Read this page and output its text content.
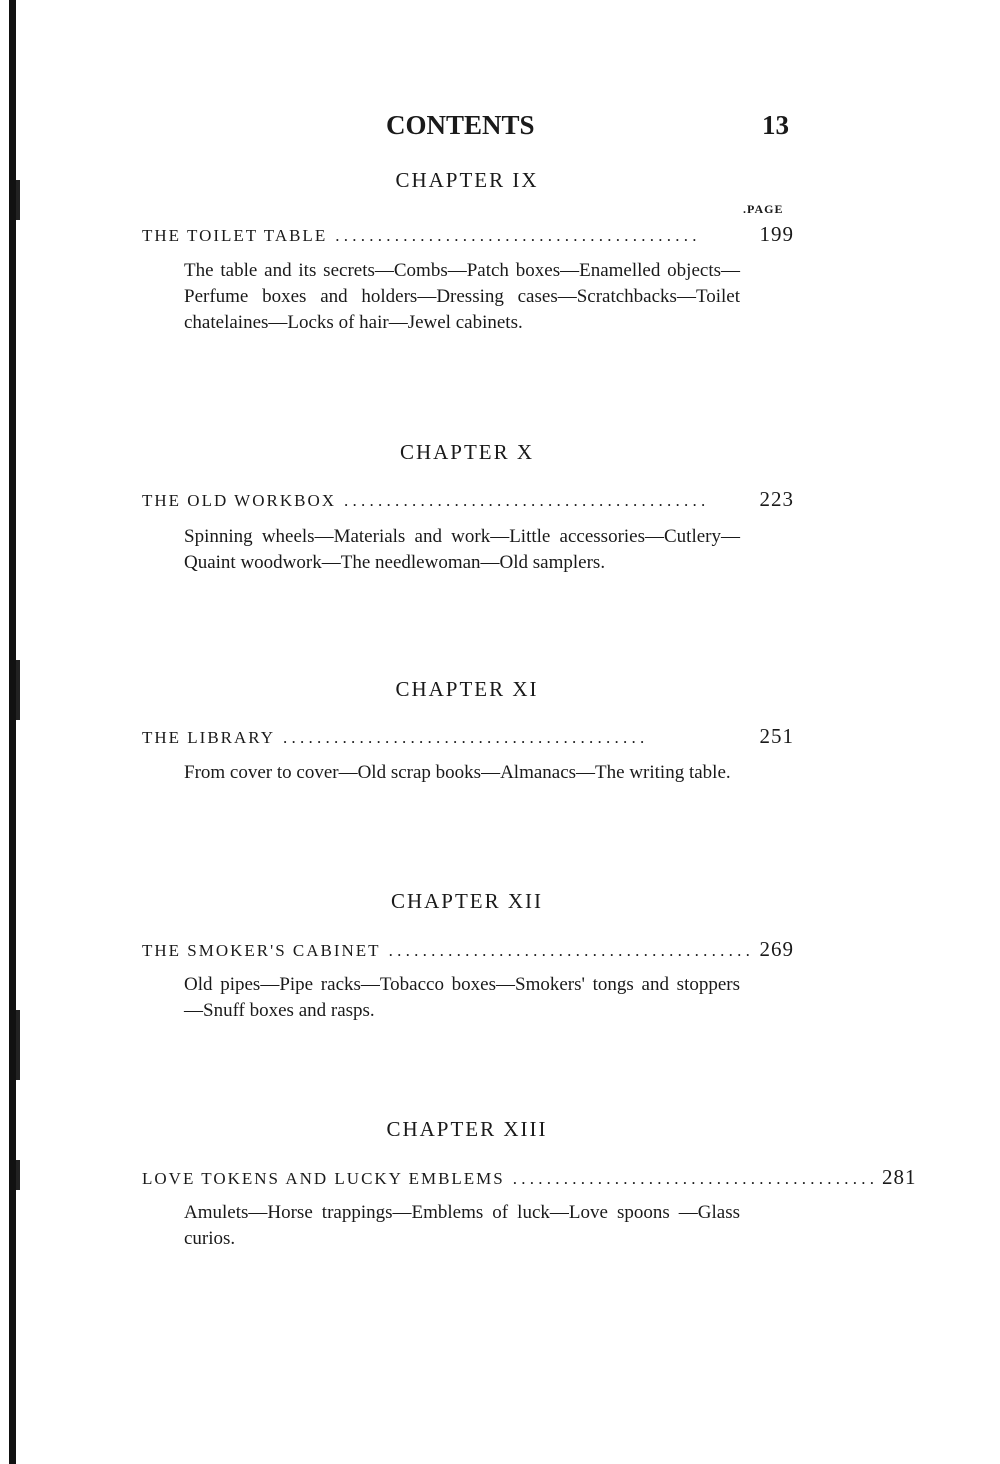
CONTENTS	13
.PAGE
CHAPTER IX
THE TOILET TABLE . . . . . . . . . . . . . . . . . . . . . . . . . . . . . . . . . . . . . . . . . . .	199
The table and its secrets—Combs—Patch boxes—Enamelled objects—Perfume boxes and holders—Dressing cases—Scratchbacks—Toilet chatelaines—Locks of hair—Jewel cabinets.
CHAPTER X
THE OLD WORKBOX . . . . . . . . . . . . . . . . . . . . . . . . . . . . . . . . . . . . . . . . . . .	223
Spinning wheels—Materials and work—Little accessories—Cutlery—Quaint woodwork—The needlewoman—Old samplers.
CHAPTER XI
THE LIBRARY . . . . . . . . . . . . . . . . . . . . . . . . . . . . . . . . . . . . . . . . . . .	251
From cover to cover—Old scrap books—Almanacs—The writing table.
CHAPTER XII
THE SMOKER'S CABINET . . . . . . . . . . . . . . . . . . . . . . . . . . . . . . . . . . . . . . . . . . . 269
Old pipes—Pipe racks—Tobacco boxes—Smokers' tongs and stoppers—Snuff boxes and rasps.
CHAPTER XIII
LOVE TOKENS AND LUCKY EMBLEMS . . . . . . . . . . . . . . . . . . . . . . . . . . . . . . . . . . . . . . . . . . . 281
Amulets—Horse trappings—Emblems of luck—Love spoons —Glass curios.
